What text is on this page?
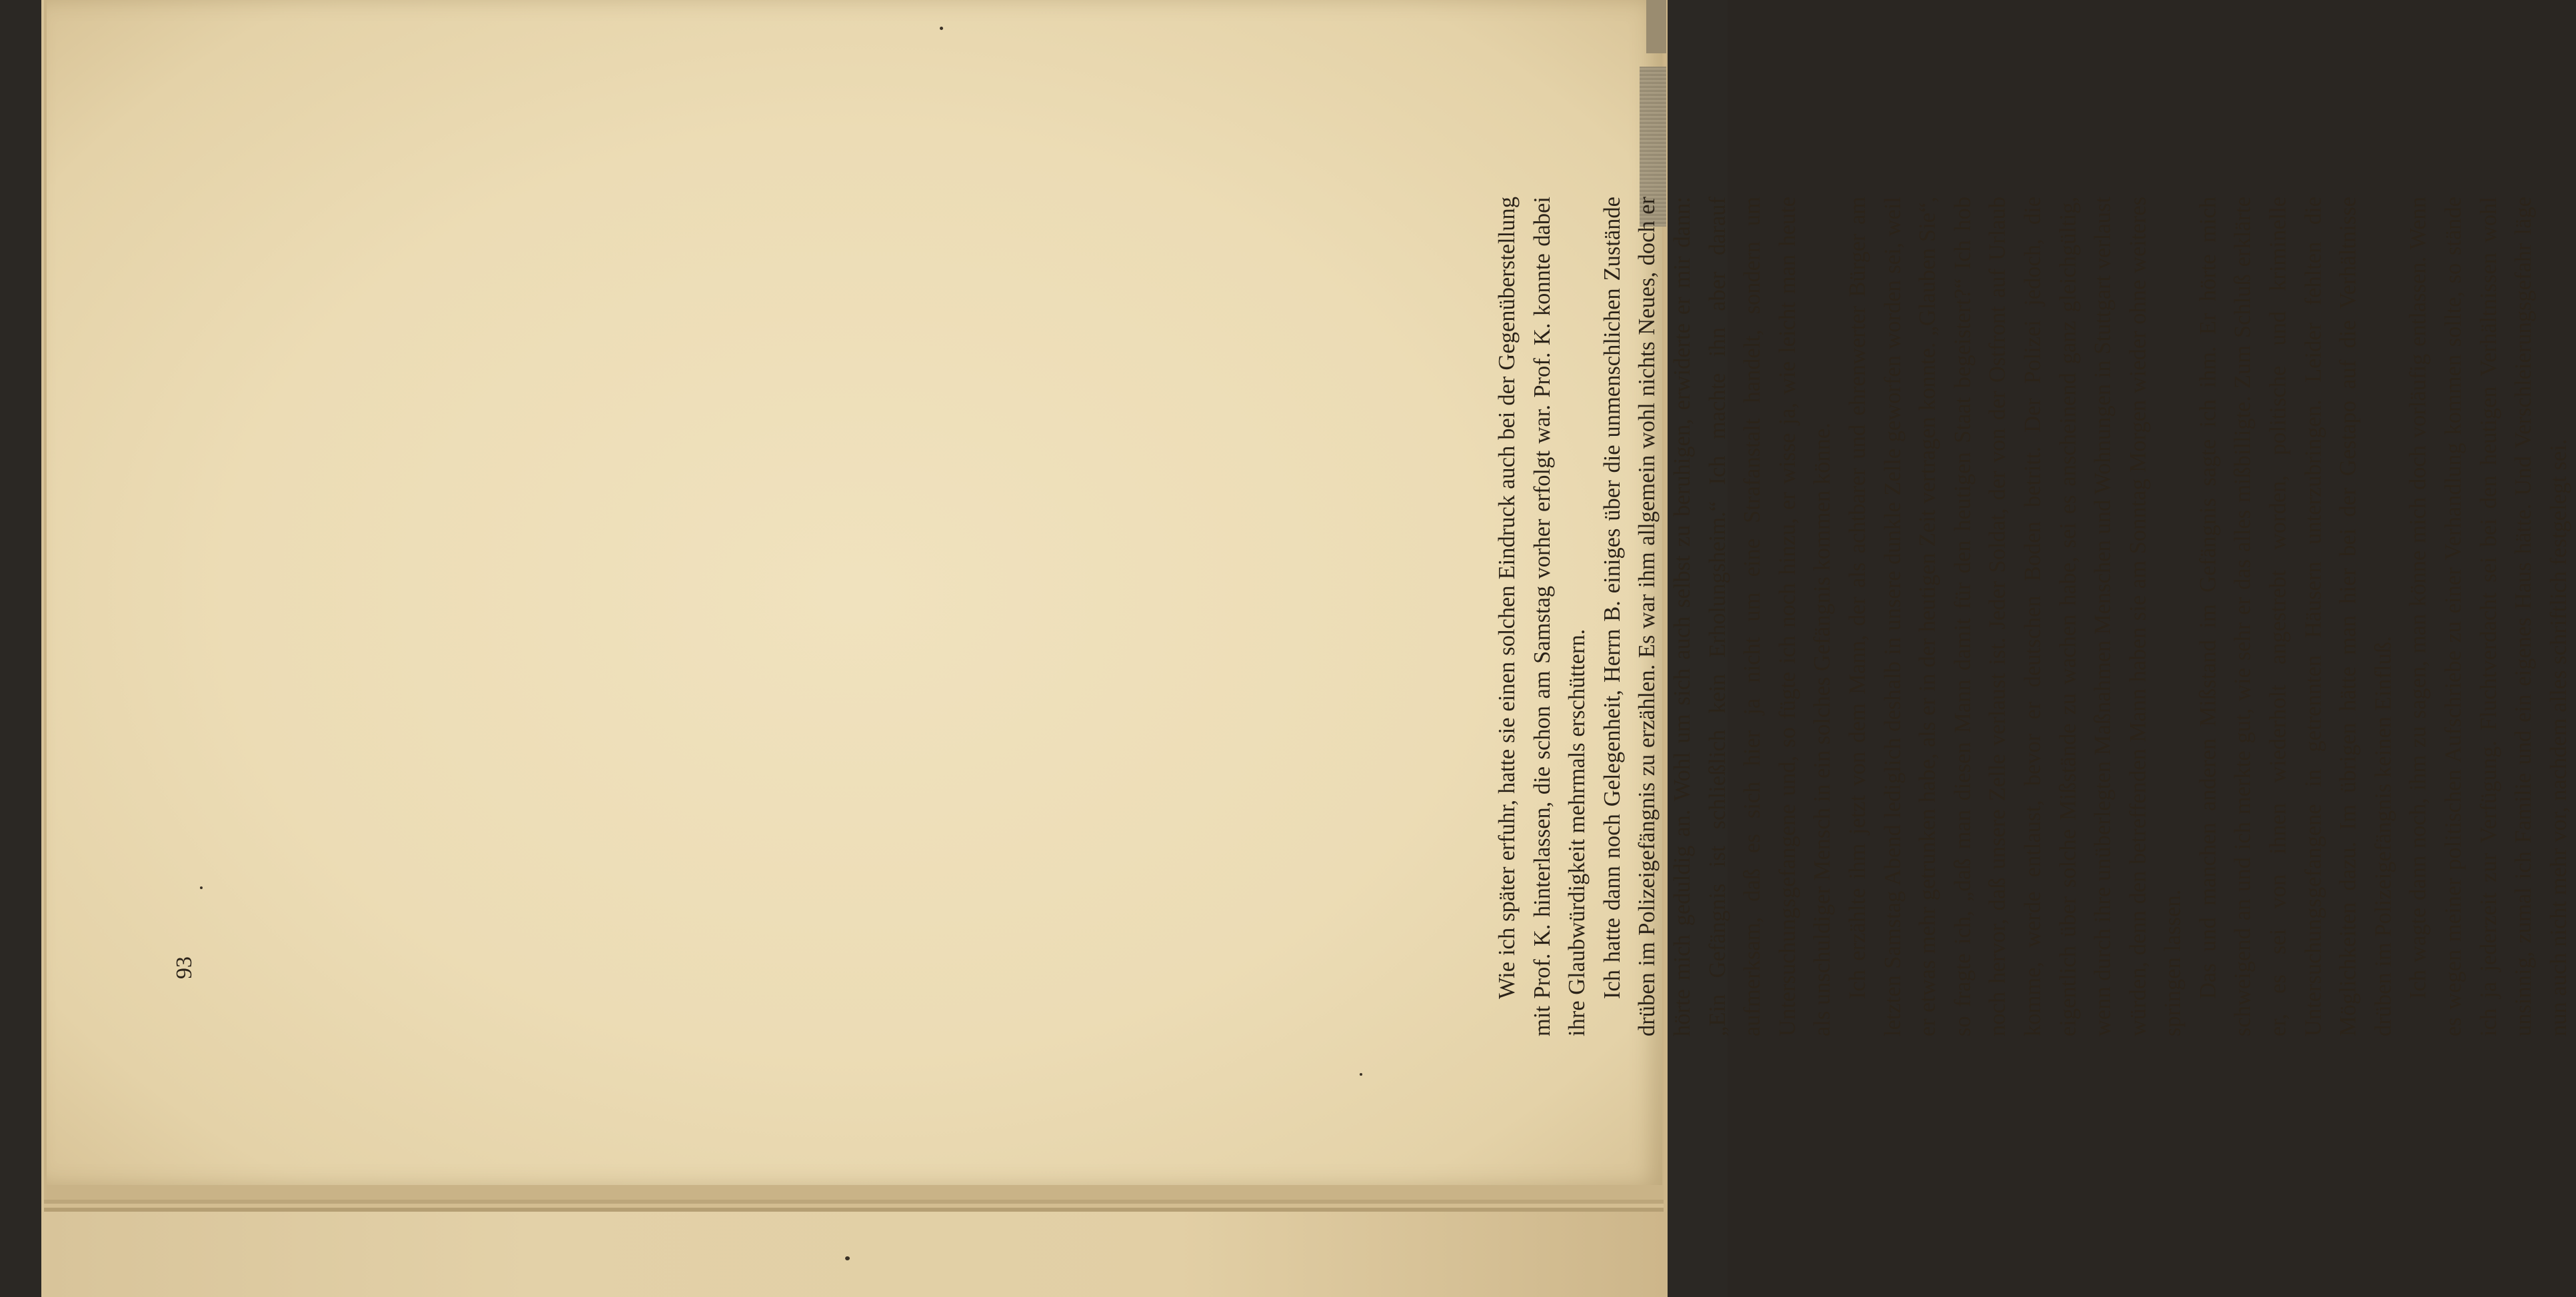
Wie ich später erfuhr, hatte sie einen solchen Eindruck auch bei der Gegenüberstellung mit Prof. K. hinterlassen, die schon am Samstag vorher erfolgt war. Prof. K. konnte dabei ihre Glaubwürdigkeit mehrmals erschüttern. Ich hatte dann noch Gelegenheit, Herrn B. einiges über die unmenschlichen Zustände drüben im Polizeigefängnis zu erzählen. Es war ihm allgemein wohl nichts Neues, doch er hörte mich geduldig an. Wohl um sich auch selbst zu beruhigen, erwiderte er mir dann: „Ein Gefängnis ist schließlich kein Erholungsheim.“ Ich machte ihn aber darauf aufmerksam, daß es sich hier ja nicht um eine Strafanstalt handelt, sondern um Untersuchungsgefangene und, so fügte ich noch hinzu, er wisse ja, wie leicht man heute als unschuldiger Mensch in ein solches Gefängnis kommen könne. Ich erzählte ihm jetzt von dem Mann, der als achtbarer und ehrenwerter Bürger am letzten Samstag Abend lediglich deshalb in unsere dunkle Zelle geworfen worden sei, weil er etwas mehr getrunken habe, als er in der heutigen Zeit vertragen konnte. „Glauben Sie“, so fragte ich, „daß man diesen Mann damit für den heutigen Staat begeistert?“ Ich hob noch hervor, daß unsere Zelle verlaust ist. Jeder Soldat, der von der Ostfront auf Urlaub komme, werde entlaust, bevor er deutschen Boden betritt. Der Polizei jedoch, die eigentlich über solche Mißstände zu wachen habe, sei es anscheinend ganz gleichgültig, wenn durch ihre unüberlegten Maßnahmen Menschen und Wohnungen in Stuttgart verlaust würden, denn den betreffenden Mann haben sie am Sonntag Morgen wieder ohne weiteres springen lassen. Das und manchen anderen Mißstand im Gefängnis sagte ich ihm. Er hörte mich schweigend an und ich merkte gut, wie sehr er das alles mißbilligte. Zum Schluß erklärte er, es sei von ihnen wiederholt angestrebt worden, politische und kriminelle Untersuchungsgefangene in getrennten Häusern unterzubringen. Leider fehlten die Möglichkeiten dazu. Im übrigen hätte man hier bei der Gestapo auf die Verhältnisse drüben im Polizeigefängnis keinen Einfluß. Ich wagte dann noch, ihm zu sagen, man könne mich doch vorläufig entlassen. Wenn es wegen meiner politischen Aufschriebe zu einer Verhandlung kommen sollte, so stände ich ja jederzeit zur Verfügung. Fluchtverdacht sei bei den heutigen Verhältnissen wohl unsinnig, zumal ich Familie und ein eigenes Haus hätte. Und Verschleierungsgefahr läge nun auch nicht mehr vor, nachdem alles schriftlich festgelegt sei.

93
